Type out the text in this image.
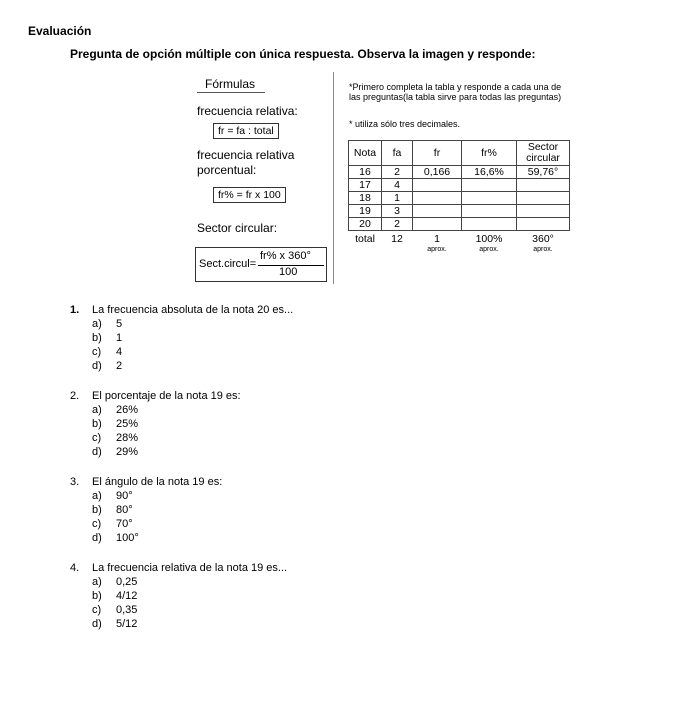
Evaluación
Pregunta de opción múltiple con única respuesta. Observa la imagen y responde:
Fórmulas
frecuencia relativa:
fr = fa : total
frecuencia relativa
porcentual:
fr% = fr x 100
Sector circular:
Sect.circul=
fr% x 360°
100
*Primero completa la tabla y responde a cada una de las preguntas(la tabla sirve para todas las preguntas)
* utiliza sólo tres decimales.
Nota	fa	fr	fr%	Sector circular
16	2	0,166	16,6%	59,76°
17	4			
18	1			
19	3			
20	2			
total	12	1	100%	360°
		aprox.	aprox.	aprox.
1. La frecuencia absoluta de la nota 20 es...
a) 5
b) 1
c) 4
d) 2
2. El porcentaje de la nota 19 es:
a) 26%
b) 25%
c) 28%
d) 29%
3. El ángulo de la nota 19 es:
a) 90°
b) 80°
c) 70°
d) 100°
4. La frecuencia relativa de la nota 19 es...
a) 0,25
b) 4/12
c) 0,35
d) 5/12
